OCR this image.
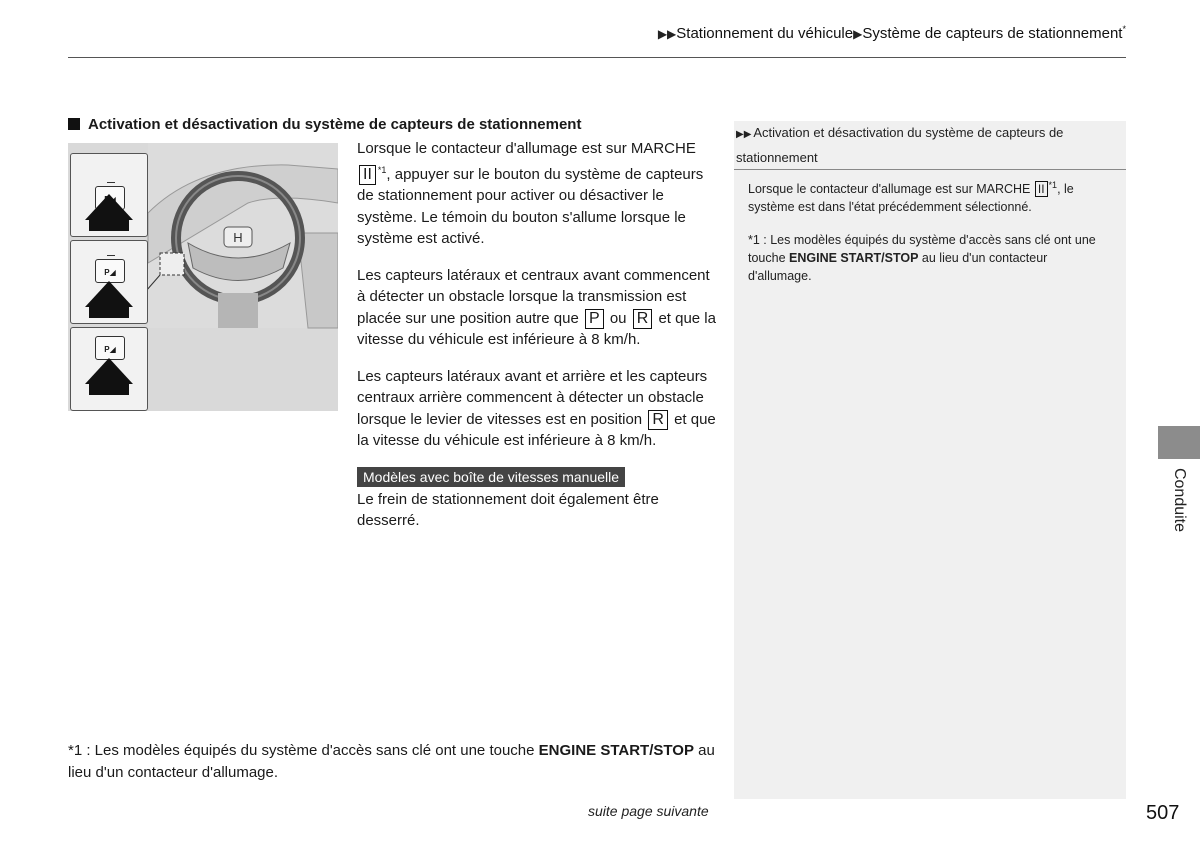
▶▶Stationnement du véhicule▶Système de capteurs de stationnement*
Activation et désactivation du système de capteurs de stationnement
H
P◢
P◢
P◢

Lorsque le contacteur d'allumage est sur MARCHE II $^{*1}$, appuyer sur le bouton du système de capteurs de stationnement pour activer ou désactiver le système. Le témoin du bouton s'allume lorsque le système est activé.

Les capteurs latéraux et centraux avant commencent à détecter un obstacle lorsque la transmission est placée sur une position autre que P ou R et que la vitesse du véhicule est inférieure à 8 km/h.

Les capteurs latéraux avant et arrière et les capteurs centraux arrière commencent à détecter un obstacle lorsque le levier de vitesses est en position R et que la vitesse du véhicule est inférieure à 8 km/h.

Modèles avec boîte de vitesses manuelle

Le frein de stationnement doit également être desserré.

*1 : Les modèles équipés du système d'accès sans clé ont une touche ENGINE START/STOP au lieu d'un contacteur d'allumage.
suite page suivante
▶▶ Activation et désactivation du système de capteurs de stationnement

Lorsque le contacteur d'allumage est sur MARCHE II $^{*1}$, le système est dans l'état précédemment sélectionné.

*1 : Les modèles équipés du système d'accès sans clé ont une touche ENGINE START/STOP au lieu d'un contacteur d'allumage.

Conduite
507
